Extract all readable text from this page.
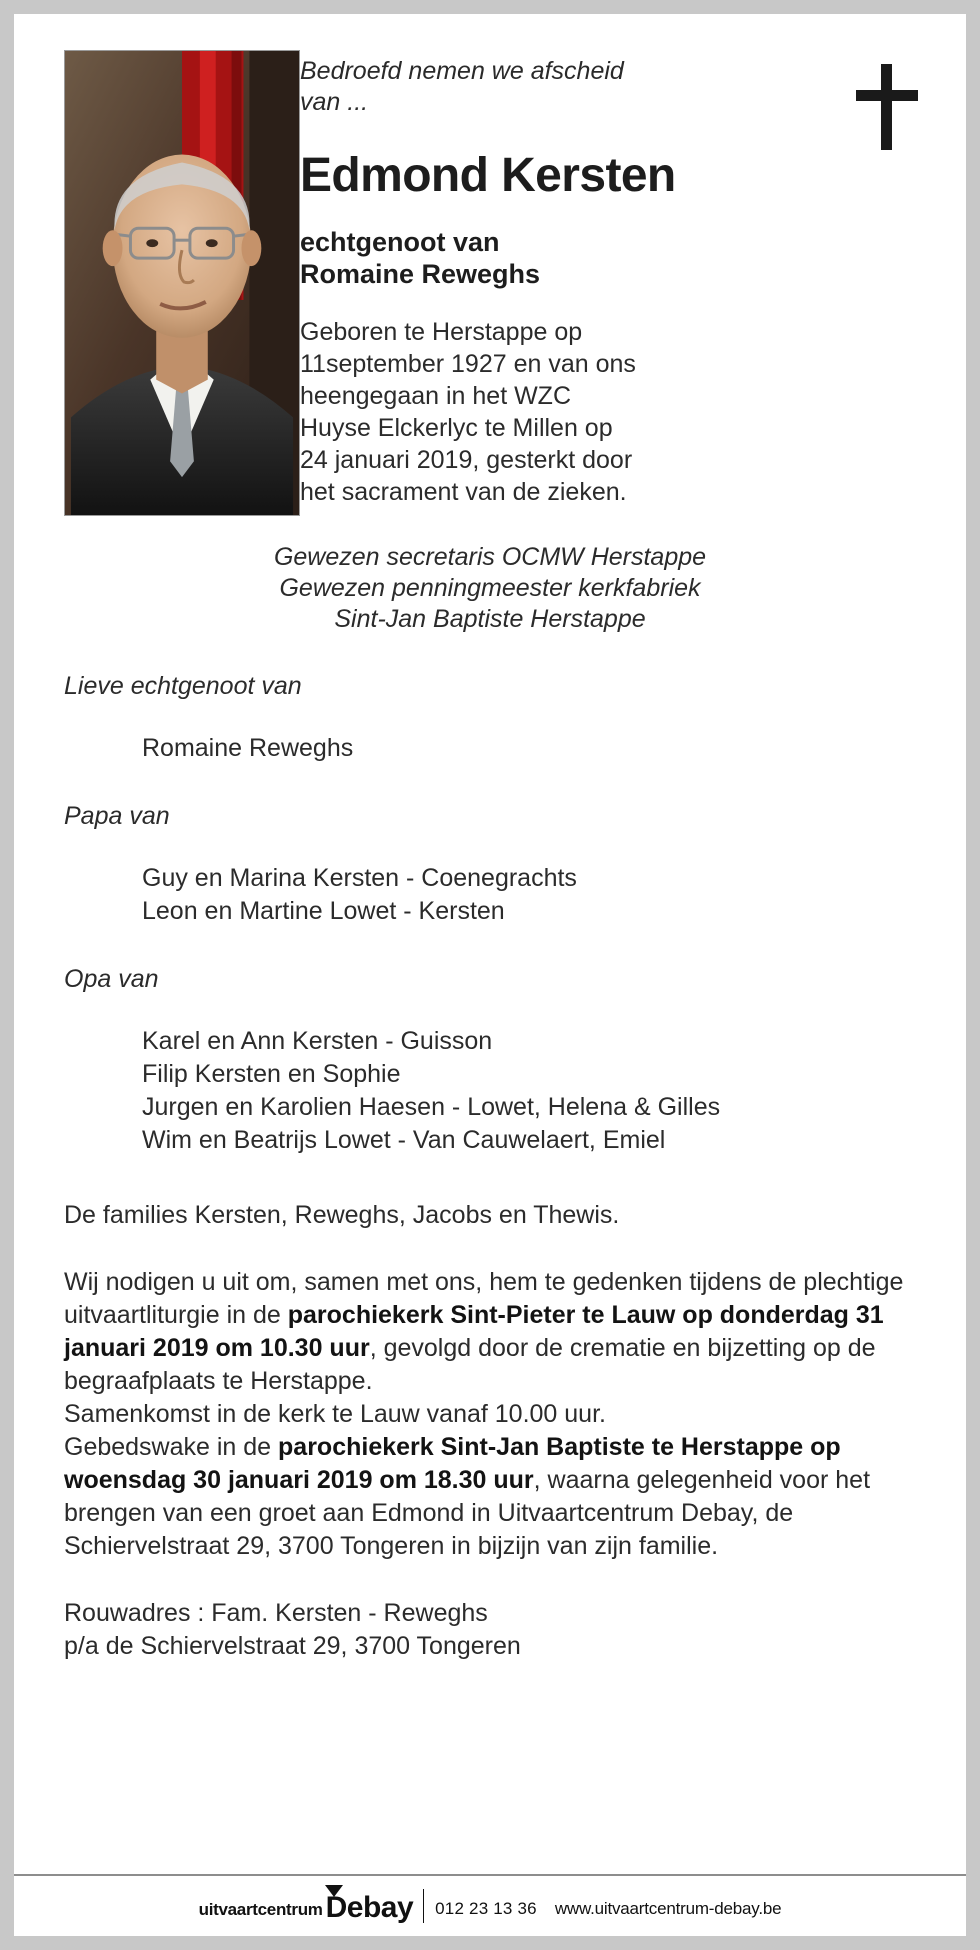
Bedroefd nemen we afscheid van ...
Edmond Kersten
echtgenoot van
Romaine Reweghs
Geboren te Herstappe op
11september 1927 en van ons
heengegaan in het WZC
Huyse Elckerlyc te Millen op
24 januari 2019, gesterkt door
het sacrament van de zieken.
Gewezen secretaris OCMW Herstappe
Gewezen penningmeester kerkfabriek
Sint-Jan Baptiste Herstappe
Lieve echtgenoot van
Romaine Reweghs
Papa van
Guy en Marina Kersten - Coenegrachts
Leon en Martine Lowet - Kersten
Opa van
Karel en Ann Kersten - Guisson
Filip Kersten en Sophie
Jurgen en Karolien Haesen - Lowet, Helena & Gilles
Wim en Beatrijs Lowet - Van Cauwelaert, Emiel
De families Kersten, Reweghs, Jacobs en Thewis.

Wij nodigen u uit om, samen met ons, hem te gedenken tijdens de plechtige uitvaartliturgie in de parochiekerk Sint-Pieter te Lauw op donderdag 31 januari 2019 om 10.30 uur, gevolgd door de crematie en bijzetting op de begraafplaats te Herstappe.

Samenkomst in de kerk te Lauw vanaf 10.00 uur.

Gebedswake in de parochiekerk Sint-Jan Baptiste te Herstappe op woensdag 30 januari 2019 om 18.30 uur, waarna gelegenheid voor het brengen van een groet aan Edmond in Uitvaartcentrum Debay, de Schiervelstraat 29, 3700 Tongeren in bijzijn van zijn familie.

Rouwadres : Fam. Kersten - Reweghs
p/a de Schiervelstraat 29, 3700 Tongeren
uitvaartcentrum Debay 012 23 13 36 www.uitvaartcentrum-debay.be
